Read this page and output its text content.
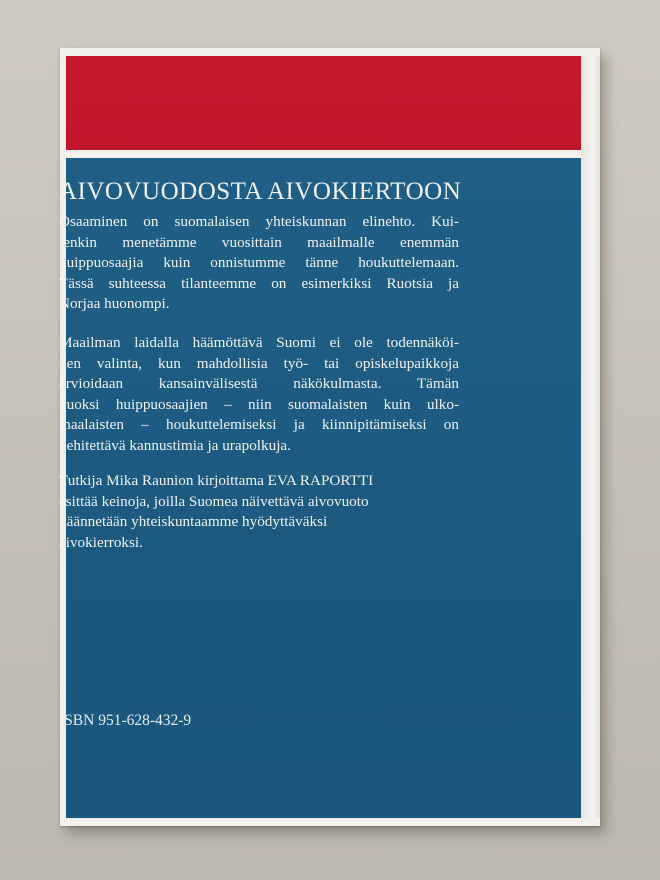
AIVOVUODOSTA AIVOKIERTOON
Osaaminen on suomalaisen yhteiskunnan elinehto. Kui-
tenkin menetämme vuosittain maailmalle enemmän
huippuosaajia kuin onnistumme tänne houkuttelemaan.
Tässä suhteessa tilanteemme on esimerkiksi Ruotsia ja
Norjaa huonompi.
Maailman laidalla häämöttävä Suomi ei ole todennäköi-
nen valinta, kun mahdollisia työ- tai opiskelupaikkoja
arvioidaan kansainvälisestä näkökulmasta. Tämän
vuoksi huippuosaajien – niin suomalaisten kuin ulko-
maalaisten – houkuttelemiseksi ja kiinnipitämiseksi on
kehitettävä kannustimia ja urapolkuja.
Tutkija Mika Raunion kirjoittama EVA RAPORTTI
esittää keinoja, joilla Suomea näivettävä aivovuoto
käännetään yhteiskuntaamme hyödyttäväksi
aivokierroksi.

ISBN 951-628-432-9
